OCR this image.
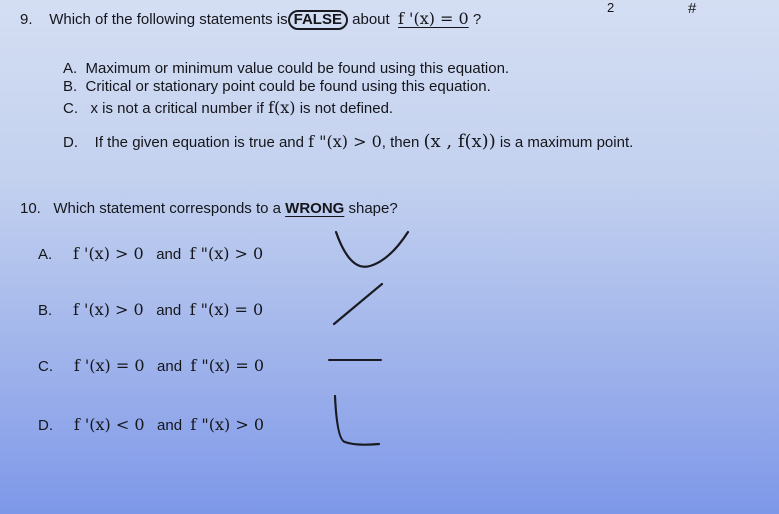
9. Which of the following statements is FALSE about f '(x) = 0 ?
2	#
A. Maximum or minimum value could be found using this equation.
B. Critical or stationary point could be found using this equation.
C. x is not a critical number if f(x) is not defined.
D. If the given equation is true and f "(x) > 0, then (x , f(x)) is a maximum point.
10. Which statement corresponds to a WRONG shape?
A. f '(x) > 0 and f "(x) > 0
B. f '(x) > 0 and f "(x) = 0
C. f '(x) = 0 and f "(x) = 0
D. f '(x) < 0 and f "(x) > 0
